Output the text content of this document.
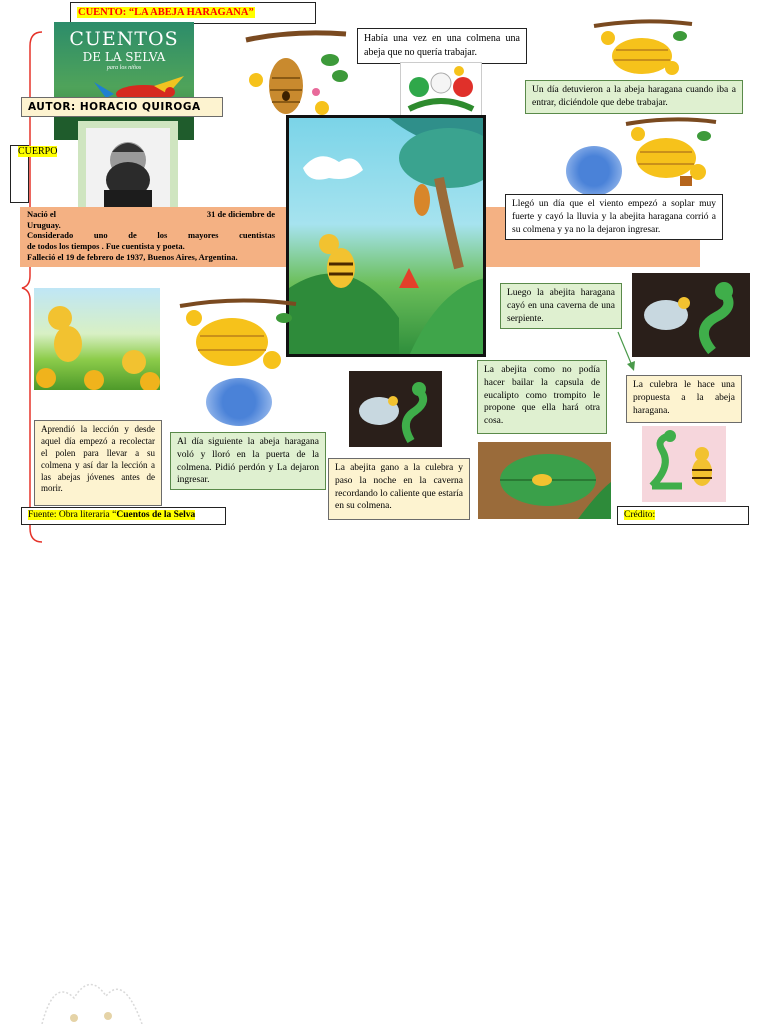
CUENTO: “LA ABEJA HARAGANA”
CUENTOS
DE LA SELVA
para los niños
AUTOR: HORACIO QUIROGA
CUERPO
Nació el	31 de diciembre de
Uruguay.
Considerado uno de los mayores cuentistas
de todos los tiempos . Fue cuentista y poeta.
Falleció el 19 de febrero de 1937, Buenos Aires, Argentina.
Había una vez en una colmena una abeja que no quería trabajar.
Un día detuvieron a la abeja haragana cuando iba a entrar, diciéndole que debe trabajar.
Llegó un día que el viento empezó a soplar muy fuerte y cayó la lluvia y la abejita haragana corrió a su colmena y ya no la dejaron ingresar.
Aprendió la lección y desde aquel día empezó a recolectar el polen para llevar a su colmena y así dar la lección a las abejas jóvenes antes de morir.
Al día siguiente la abeja haragana voló y lloró en la puerta de la colmena. Pidió perdón y La dejaron ingresar.
La abejita como no podía hacer bailar la capsula de eucalipto como trompito le propone que ella hará otra cosa.
Luego la abejita haragana cayó en una caverna de una serpiente.
La culebra le hace una propuesta a la abeja haragana.
La abejita gano a la culebra y paso la noche en la caverna recordando lo caliente que estaría en su colmena.
Fuente: Obra literaria “Cuentos de la Selva	Crédito:
